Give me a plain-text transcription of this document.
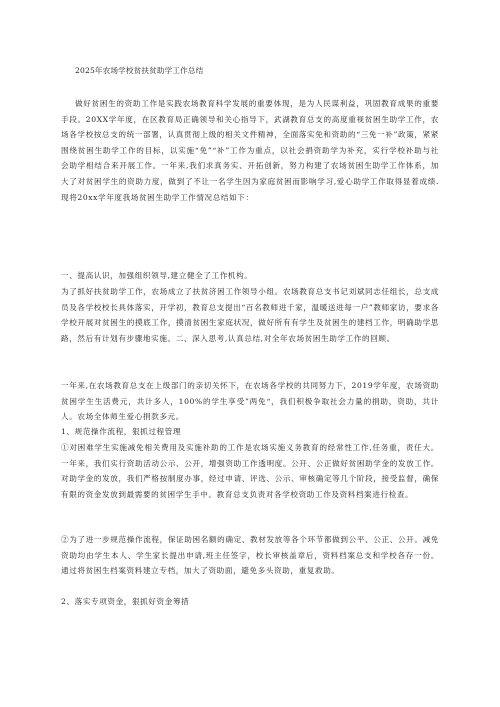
2025年农场学校贫扶贫助学工作总结

做好贫困生的资助工作是实践农场教育科学发展的重要体现，是为人民谋利益，巩固教育成果的重要手段。20XX学年度，在区教育局正确领导和关心指导下，武湖教育总支的高度重视贫困生助学工作，农场各学校按总支的统一部署，认真贯彻上级的相关文件精神，全面落实免和资助的“三免一补”政策，紧紧围绕贫困生助学工作的目标，以实施“免”“补”工作为重点，以社会捐资助学为补充，实行学校补助与社会助学相结合来开展工作。一年来,我们求真务实、开拓创新，努力构建了农场贫困生助学工作体系，加大了对贫困学生的资助力度，做到了不让一名学生因为家庭贫困而影响学习,爱心助学工作取得显着成绩.现将20xx学年度我场贫困生助学工作情况总结如下：

一、提高认识，加强组织领导,建立健全了工作机构。

为了抓好扶贫助学工作，农场成立了扶贫济困工作领导小组。农场教育总支书记刘斌同志任组长，总支成员及各学校校长具体落实，开学初，教育总支提出“百名教师进千家，温暖送进每一户”教师家访，要求各学校开展对贫困生的摸底工作，摸清贫困生家庭状况，做好所有有学生及贫困生的建档工作，明确助学思路，然后有计划有步骤地实施。二、深入思考,认真总结,对全年农场贫困生助学工作的回顾。

一年来,在农场教育总支在上级部门的亲切关怀下，在农场各学校的共同努力下，2019学年度，农场资助贫困学生生活费元，共计多人，100%的学生享受”两免“，我们积极争取社会力量的捐助，资助，共计人。农场全体师生爱心捐款多元。

1、规范操作流程，狠抓过程管理

①对困难学生实施减免相关费用及实施补助的工作是农场实施义务教育的经常性工作,任务重，责任大。一年来，我们实行资助活动公示、公开，增强资助工作透明度。公开、公正做好贫困助学金的发放工作。对助学金的发放，我们严格按制度办事，经过申请、评选、公示、审核确定等几个阶段，接受监督，确保有限的资金发放到最需要的贫困学生手中。教育总支负责对各学校资助工作及资料档案进行检查。

②为了进一步规范操作流程，保证助困名额的确定、教材发放等各个环节都做到公平、公正、公开。减免资助均由学生本人、学生家长提出申请,班主任签字，校长审核盖章后，资料档案总支和学校各存一份。通过将贫困生档案资料建立专档，加大了资助面，避免多头资助，重复救助。

2、落实专项资金，狠抓好资金筹措
